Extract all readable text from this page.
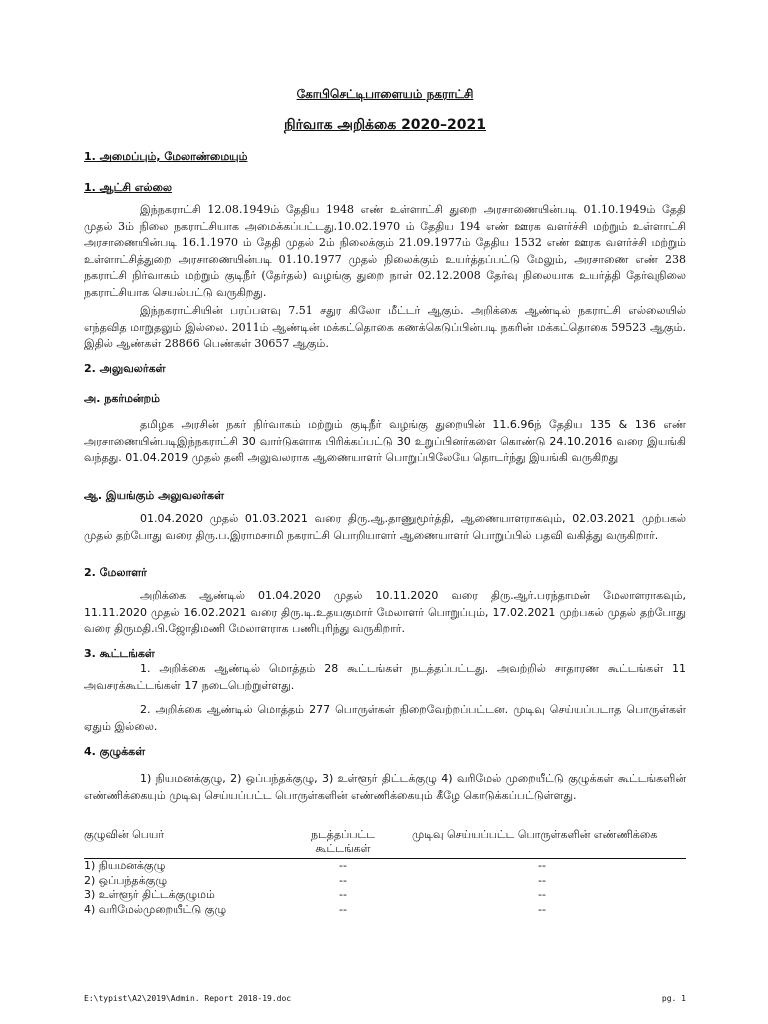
கோபிசெட்டிபாளையம் நகராட்சி
நிர்வாக அறிக்கை 2020–2021
1. அமைப்பும், மேலாண்மையும்
1. ஆட்சி எல்லை
இந்நகராட்சி 12.08.1949ம் தேதிய 1948 எண் உள்ளாட்சி துறை அரசாணையின்படி 01.10.1949ம் தேதி முதல் 3ம் நிலை நகராட்சியாக அமைக்கப்பட்டது.10.02.1970 ம் தேதிய 194 எண் ஊரக வளர்ச்சி மற்றும் உள்ளாட்சி அரசாணையின்படி 16.1.1970 ம் தேதி முதல் 2ம் நிலைக்கும் 21.09.1977ம் தேதிய 1532 எண் ஊரக வளர்ச்சி மற்றும் உள்ளாட்சித்துறை அரசாணையின்படி 01.10.1977 முதல் நிலைக்கும் உயர்த்தப்பட்டு மேலும், அரசாணை எண் 238 நகராட்சி நிர்வாகம் மற்றும் குடிநீர் (தேர்தல்) வழங்கு துறை நாள் 02.12.2008 தேர்வு நிலையாக உயர்த்தி தேர்வுநிலை நகராட்சியாக செயல்பட்டு வருகிறது.
இந்நகராட்சியின் பரப்பளவு 7.51 சதுர கிலோ மீட்டர் ஆகும். அறிக்கை ஆண்டில் நகராட்சி எல்லையில் எந்தவித மாறுதலும் இல்லை. 2011ம் ஆண்டின் மக்கட்தொகை கணக்கெடுப்பின்படி நகரின் மக்கட்தொகை 59523 ஆகும். இதில் ஆண்கள் 28866 பெண்கள் 30657 ஆகும்.
2. அலுவலர்கள்
அ. நகர்மன்றம்
தமிழக அரசின் நகர் நிர்வாகம் மற்றும் குடிநீர் வழங்கு துறையின் 11.6.96ந் தேதிய 135 & 136 எண் அரசாணையின்படிஇந்நகராட்சி 30 வார்டுகளாக பிரிக்கப்பட்டு 30 உறுப்பினர்களை கொண்டு 24.10.2016 வரை இயங்கி வந்தது. 01.04.2019 முதல் தனி அலுவலராக ஆணையாளர் பொறுப்பிலேயே தொடர்ந்து இயங்கி வருகிறது
ஆ. இயங்கும் அலுவலர்கள்
01.04.2020 முதல் 01.03.2021 வரை திரு.ஆ.தாணுமூர்த்தி, ஆணையாளராகவும், 02.03.2021 முற்பகல் முதல் தற்போது வரை திரு.ப.இராமசாமி நகராட்சி பொறியாளர் ஆணையாளர் பொறுப்பில் பதவி வகித்து வருகிறார்.
2. மேலாளர்
அறிக்கை ஆண்டில் 01.04.2020 முதல் 10.11.2020 வரை திரு.ஆர்.பரந்தாமன் மேலாளராகவும், 11.11.2020 முதல் 16.02.2021 வரை திரு.டி.உதயகுமார் மேலாளர் பொறுப்பும், 17.02.2021 முற்பகல் முதல் தற்போது வரை திருமதி.பி.ஜோதிமணி மேலாளராக பணிபுரிந்து வருகிறார்.
3. கூட்டங்கள்
1. அறிக்கை ஆண்டில் மொத்தம் 28 கூட்டங்கள் நடத்தப்பட்டது. அவற்றில் சாதாரண கூட்டங்கள் 11 அவசரக்கூட்டங்கள் 17 நடைபெற்றுள்ளது.
2. அறிக்கை ஆண்டில் மொத்தம் 277 பொருள்கள் நிறைவேற்றப்பட்டன. முடிவு செய்யப்படாத பொருள்கள் ஏதும் இல்லை.
4. குழுக்கள்
1) நியமனக்குழு, 2) ஒப்பந்தக்குழு, 3) உள்ளூர் திட்டக்குழு 4) வரிமேல் முறையீட்டு குழுக்கள் கூட்டங்களின் எண்ணிக்கையும் முடிவு செய்யப்பட்ட பொருள்களின் எண்ணிக்கையும் கீழே கொடுக்கப்பட்டுள்ளது.
குழுவின் பெயர்	நடத்தப்பட்ட கூட்டங்கள்	முடிவு செய்யப்பட்ட பொருள்களின் எண்ணிக்கை
1) நியமனக்குழு	--	--
2) ஒப்பந்தக்குழு	--	--
3) உள்ளூர் திட்டக்குழுமம்	--	--
4) வரிமேல்முறையீட்டு குழு	--	--
E:\typist\A2\2019\Admin. Report 2018-19.doc	pg. 1
